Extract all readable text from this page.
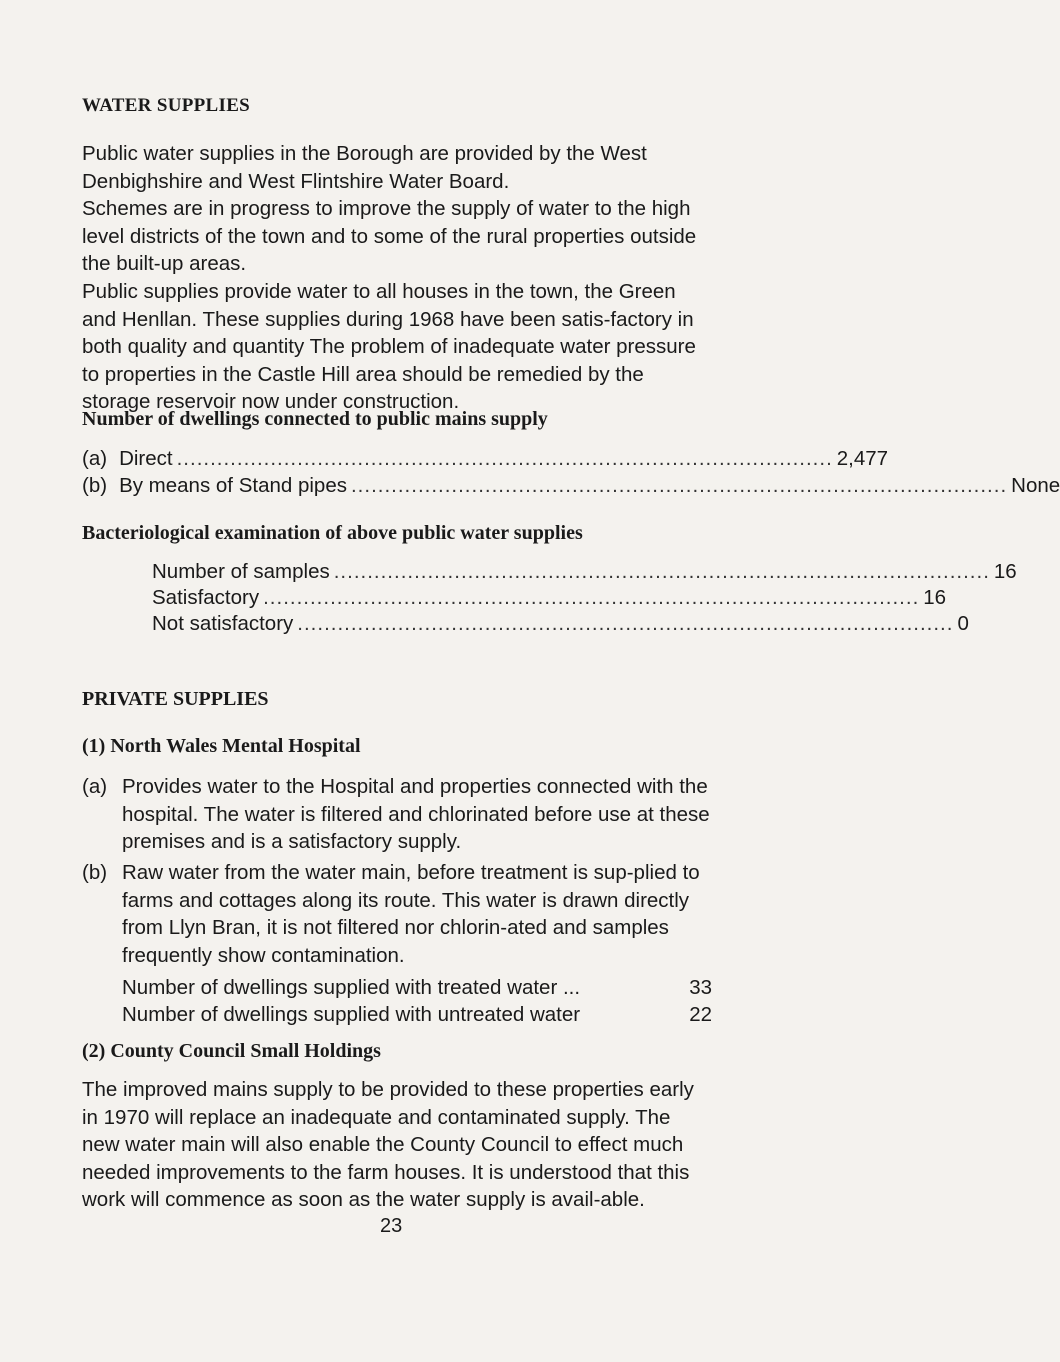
WATER SUPPLIES

Public water supplies in the Borough are provided by the West Denbighshire and West Flintshire Water Board.

Schemes are in progress to improve the supply of water to the high level districts of the town and to some of the rural properties outside the built-up areas.

Public supplies provide water to all houses in the town, the Green and Henllan. These supplies during 1968 have been satis-factory in both quality and quantity The problem of inadequate water pressure to properties in the Castle Hill area should be remedied by the storage reservoir now under construction.

Number of dwellings connected to public mains supply
(a) Direct .................................................................................................. 2,477
(b) By means of Stand pipes .................................................................................................. None
Bacteriological examination of above public water supplies
Number of samples .................................................................................................. 16
Satisfactory .................................................................................................. 16
Not satisfactory .................................................................................................. 0
PRIVATE SUPPLIES
(1) North Wales Mental Hospital
(a) Provides water to the Hospital and properties connected with the hospital. The water is filtered and chlorinated before use at these premises and is a satisfactory supply.
(b) Raw water from the water main, before treatment is sup-plied to farms and cottages along its route. This water is drawn directly from Llyn Bran, it is not filtered nor chlorin-ated and samples frequently show contamination.
Number of dwellings supplied with treated water ...	33
Number of dwellings supplied with untreated water	22
(2) County Council Small Holdings

The improved mains supply to be provided to these properties early in 1970 will replace an inadequate and contaminated supply. The new water main will also enable the County Council to effect much needed improvements to the farm houses. It is understood that this work will commence as soon as the water supply is avail-able.

23
